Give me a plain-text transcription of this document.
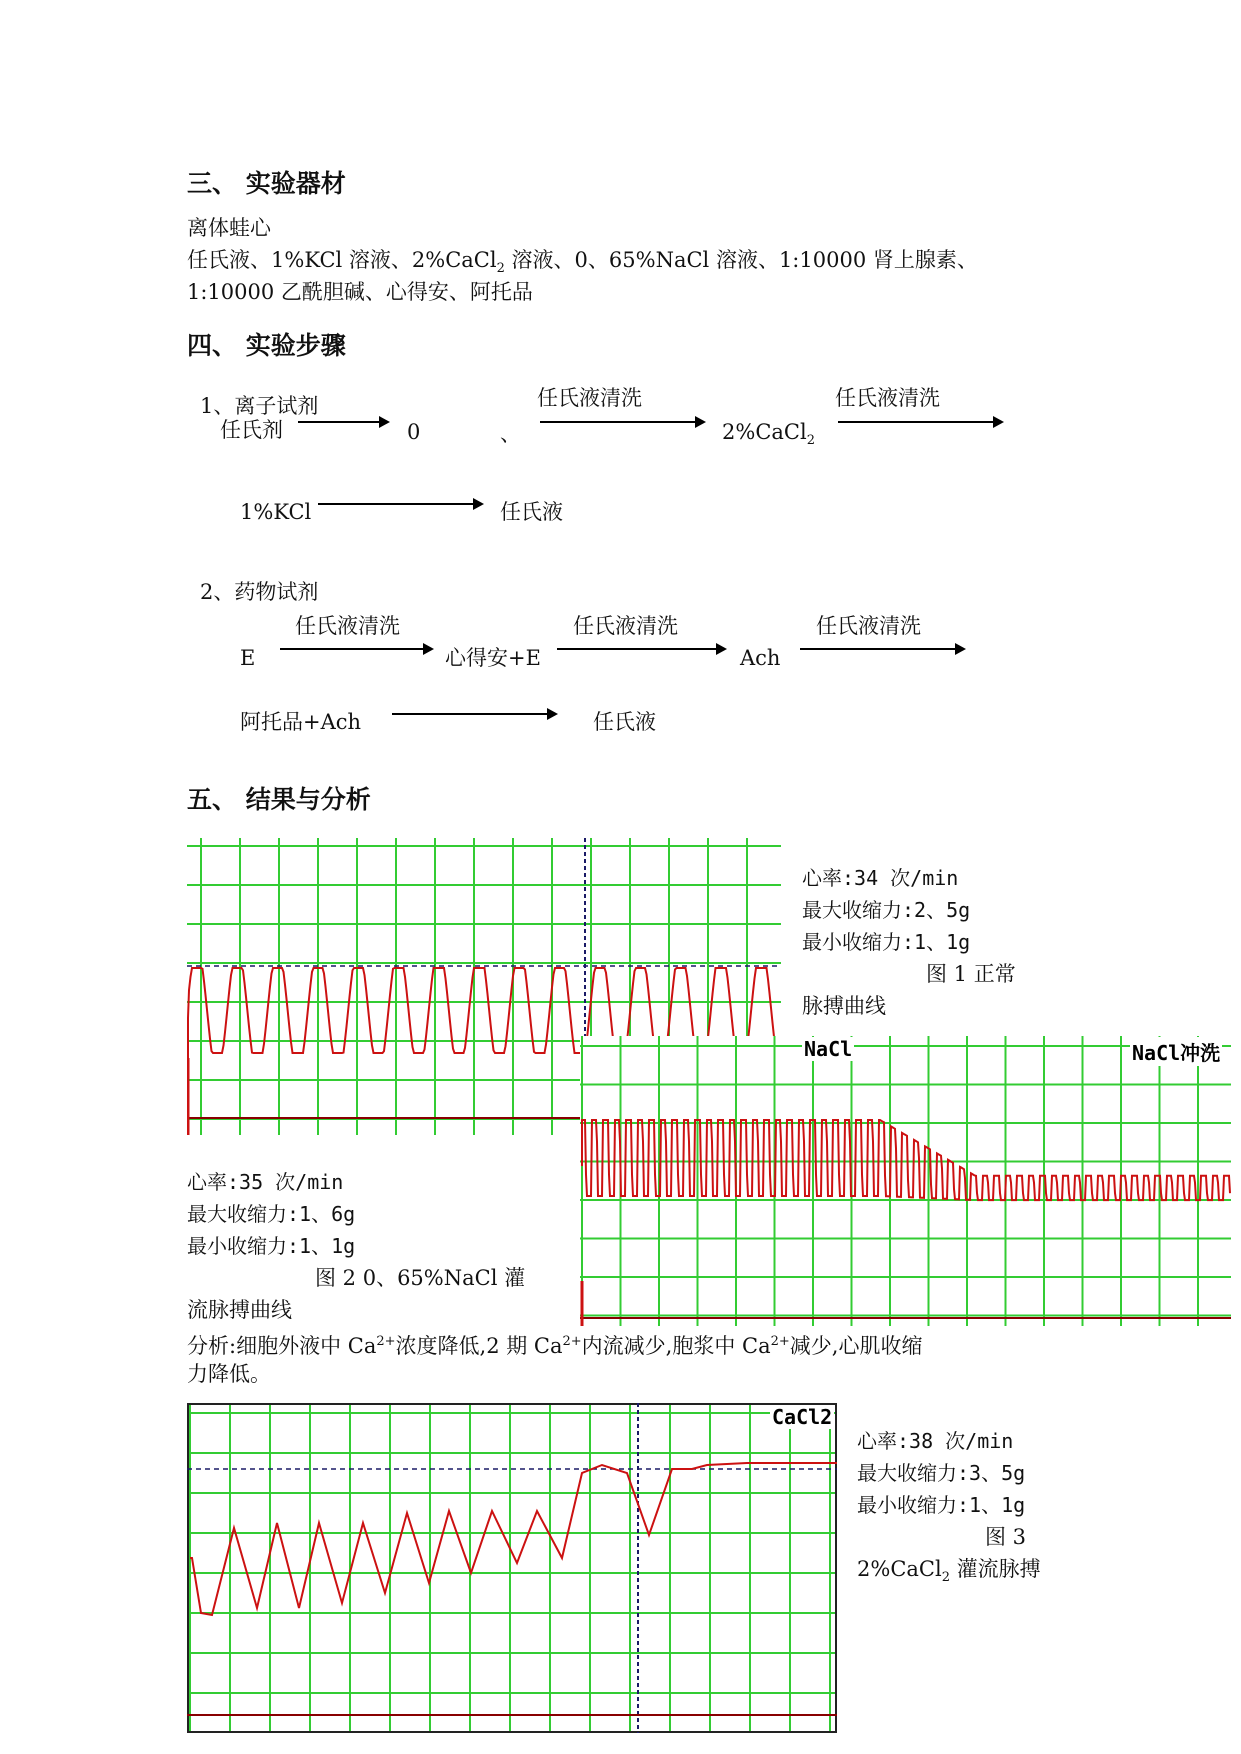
三、 实验器材
离体蛙心
任氏液、1%KCl 溶液、2%CaCl$_2$ 溶液、0、65%NaCl 溶液、1:10000 肾上腺素、
1:10000 乙酰胆碱、心得安、阿托品
四、 实验步骤
1、离子试剂
任氏剂	0	、
任氏液清洗
2%CaCl$_2$
任氏液清洗
1%KCl	任氏液
2、药物试剂
E
任氏液清洗
心得安+E
任氏液清洗
Ach
任氏液清洗
阿托品+Ach	任氏液
五、 结果与分析
心率:34 次/min
最大收缩力:2、5g
最小收缩力:1、1g
图 1 正常
脉搏曲线
NaCl	NaCl冲洗
心率:35 次/min
最大收缩力:1、6g
最小收缩力:1、1g
图 2 0、65%NaCl 灌
流脉搏曲线
分析:细胞外液中 $Ca^{2+}$浓度降低,2 期 $Ca^{2+}$内流减少,胞浆中 $Ca^{2+}$减少,心肌收缩
力降低。
CaCl2
心率:38 次/min
最大收缩力:3、5g
最小收缩力:1、1g
图 3
2%CaCl$_2$ 灌流脉搏
